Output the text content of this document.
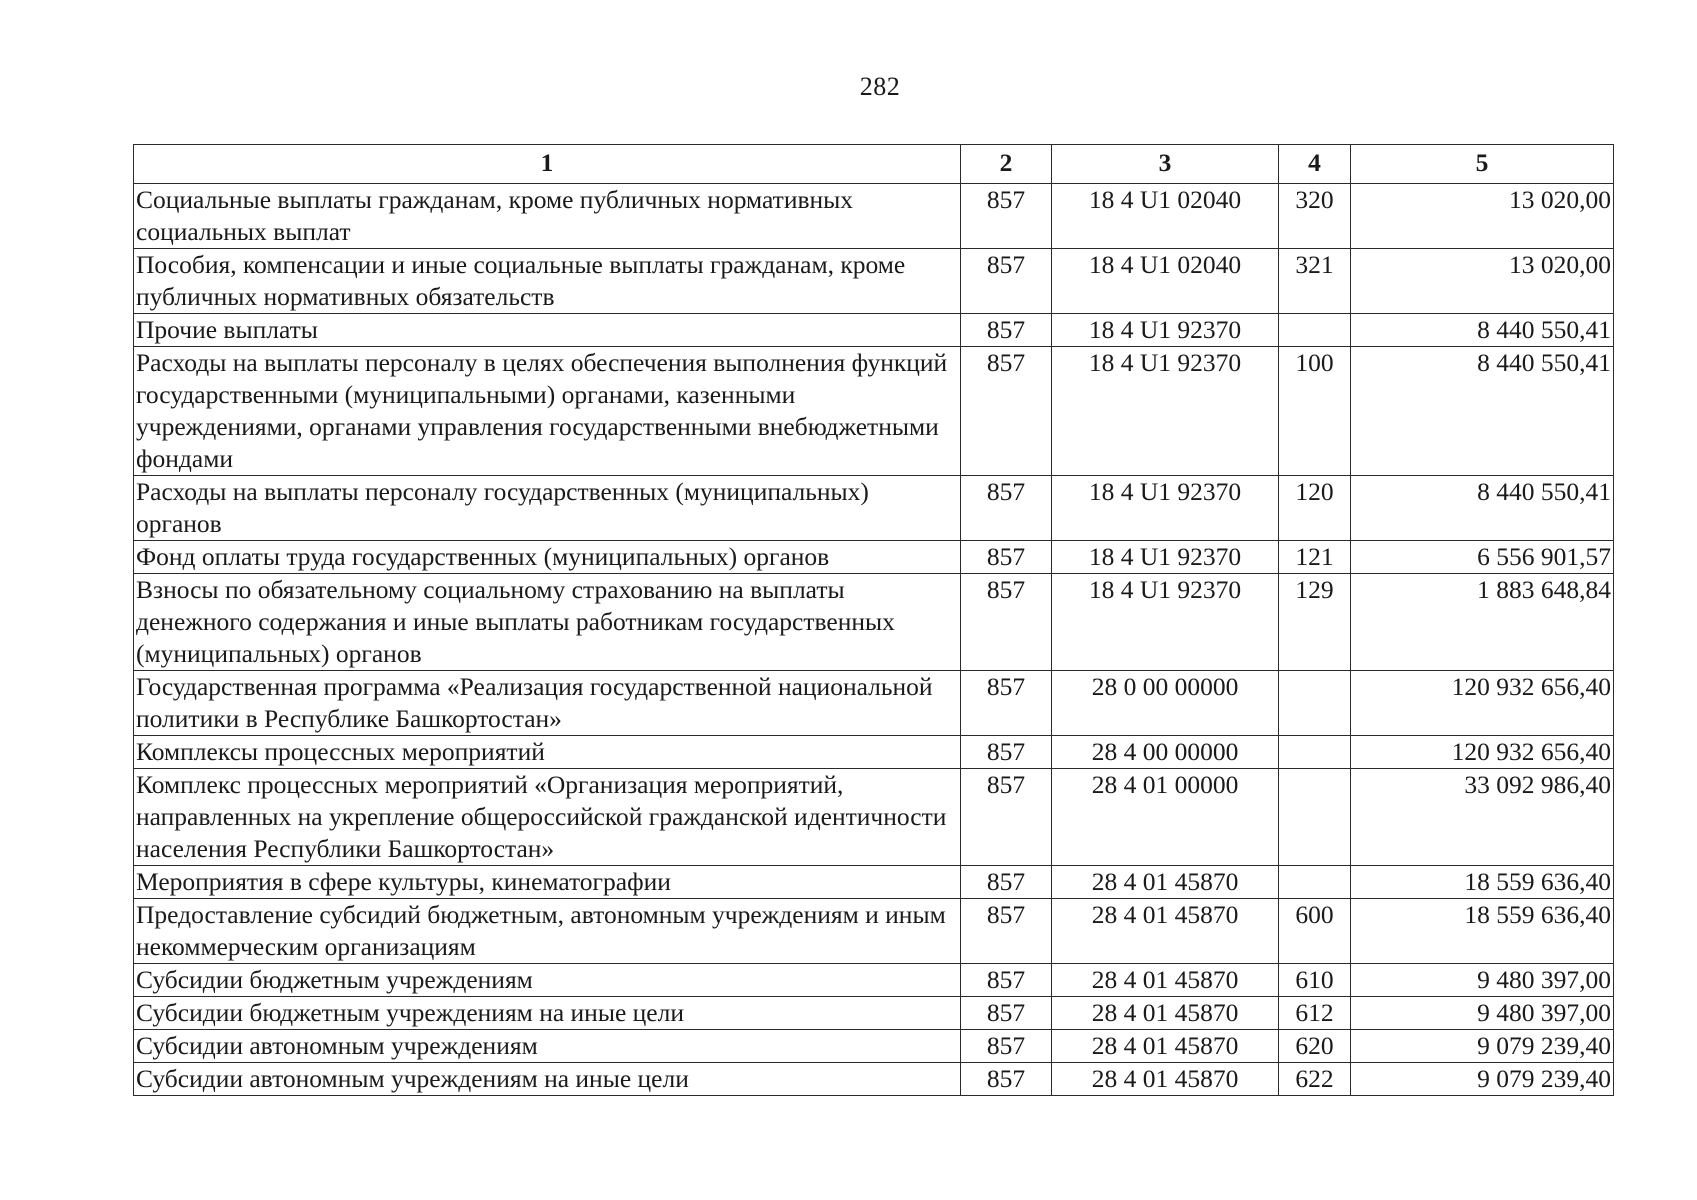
282
1	2	3	4	5
Социальные выплаты гражданам, кроме публичных нормативных социальных выплат	857	18 4 U1 02040	320	13 020,00
Пособия, компенсации и иные социальные выплаты гражданам, кроме публичных нормативных обязательств	857	18 4 U1 02040	321	13 020,00
Прочие выплаты	857	18 4 U1 92370		8 440 550,41
Расходы на выплаты персоналу в целях обеспечения выполнения функций государственными (муниципальными) органами, казенными учреждениями, органами управления государственными внебюджетными фондами	857	18 4 U1 92370	100	8 440 550,41
Расходы на выплаты персоналу государственных (муниципальных) органов	857	18 4 U1 92370	120	8 440 550,41
Фонд оплаты труда государственных (муниципальных) органов	857	18 4 U1 92370	121	6 556 901,57
Взносы по обязательному социальному страхованию на выплаты денежного содержания и иные выплаты работникам государственных (муниципальных) органов	857	18 4 U1 92370	129	1 883 648,84
Государственная программа «Реализация государственной национальной политики в Республике Башкортостан»	857	28 0 00 00000		120 932 656,40
Комплексы процессных мероприятий	857	28 4 00 00000		120 932 656,40
Комплекс процессных мероприятий «Организация мероприятий, направленных на укрепление общероссийской гражданской идентичности населения Республики Башкортостан»	857	28 4 01 00000		33 092 986,40
Мероприятия в сфере культуры, кинематографии	857	28 4 01 45870		18 559 636,40
Предоставление субсидий бюджетным, автономным учреждениям и иным некоммерческим организациям	857	28 4 01 45870	600	18 559 636,40
Субсидии бюджетным учреждениям	857	28 4 01 45870	610	9 480 397,00
Субсидии бюджетным учреждениям на иные цели	857	28 4 01 45870	612	9 480 397,00
Субсидии автономным учреждениям	857	28 4 01 45870	620	9 079 239,40
Субсидии автономным учреждениям на иные цели	857	28 4 01 45870	622	9 079 239,40
